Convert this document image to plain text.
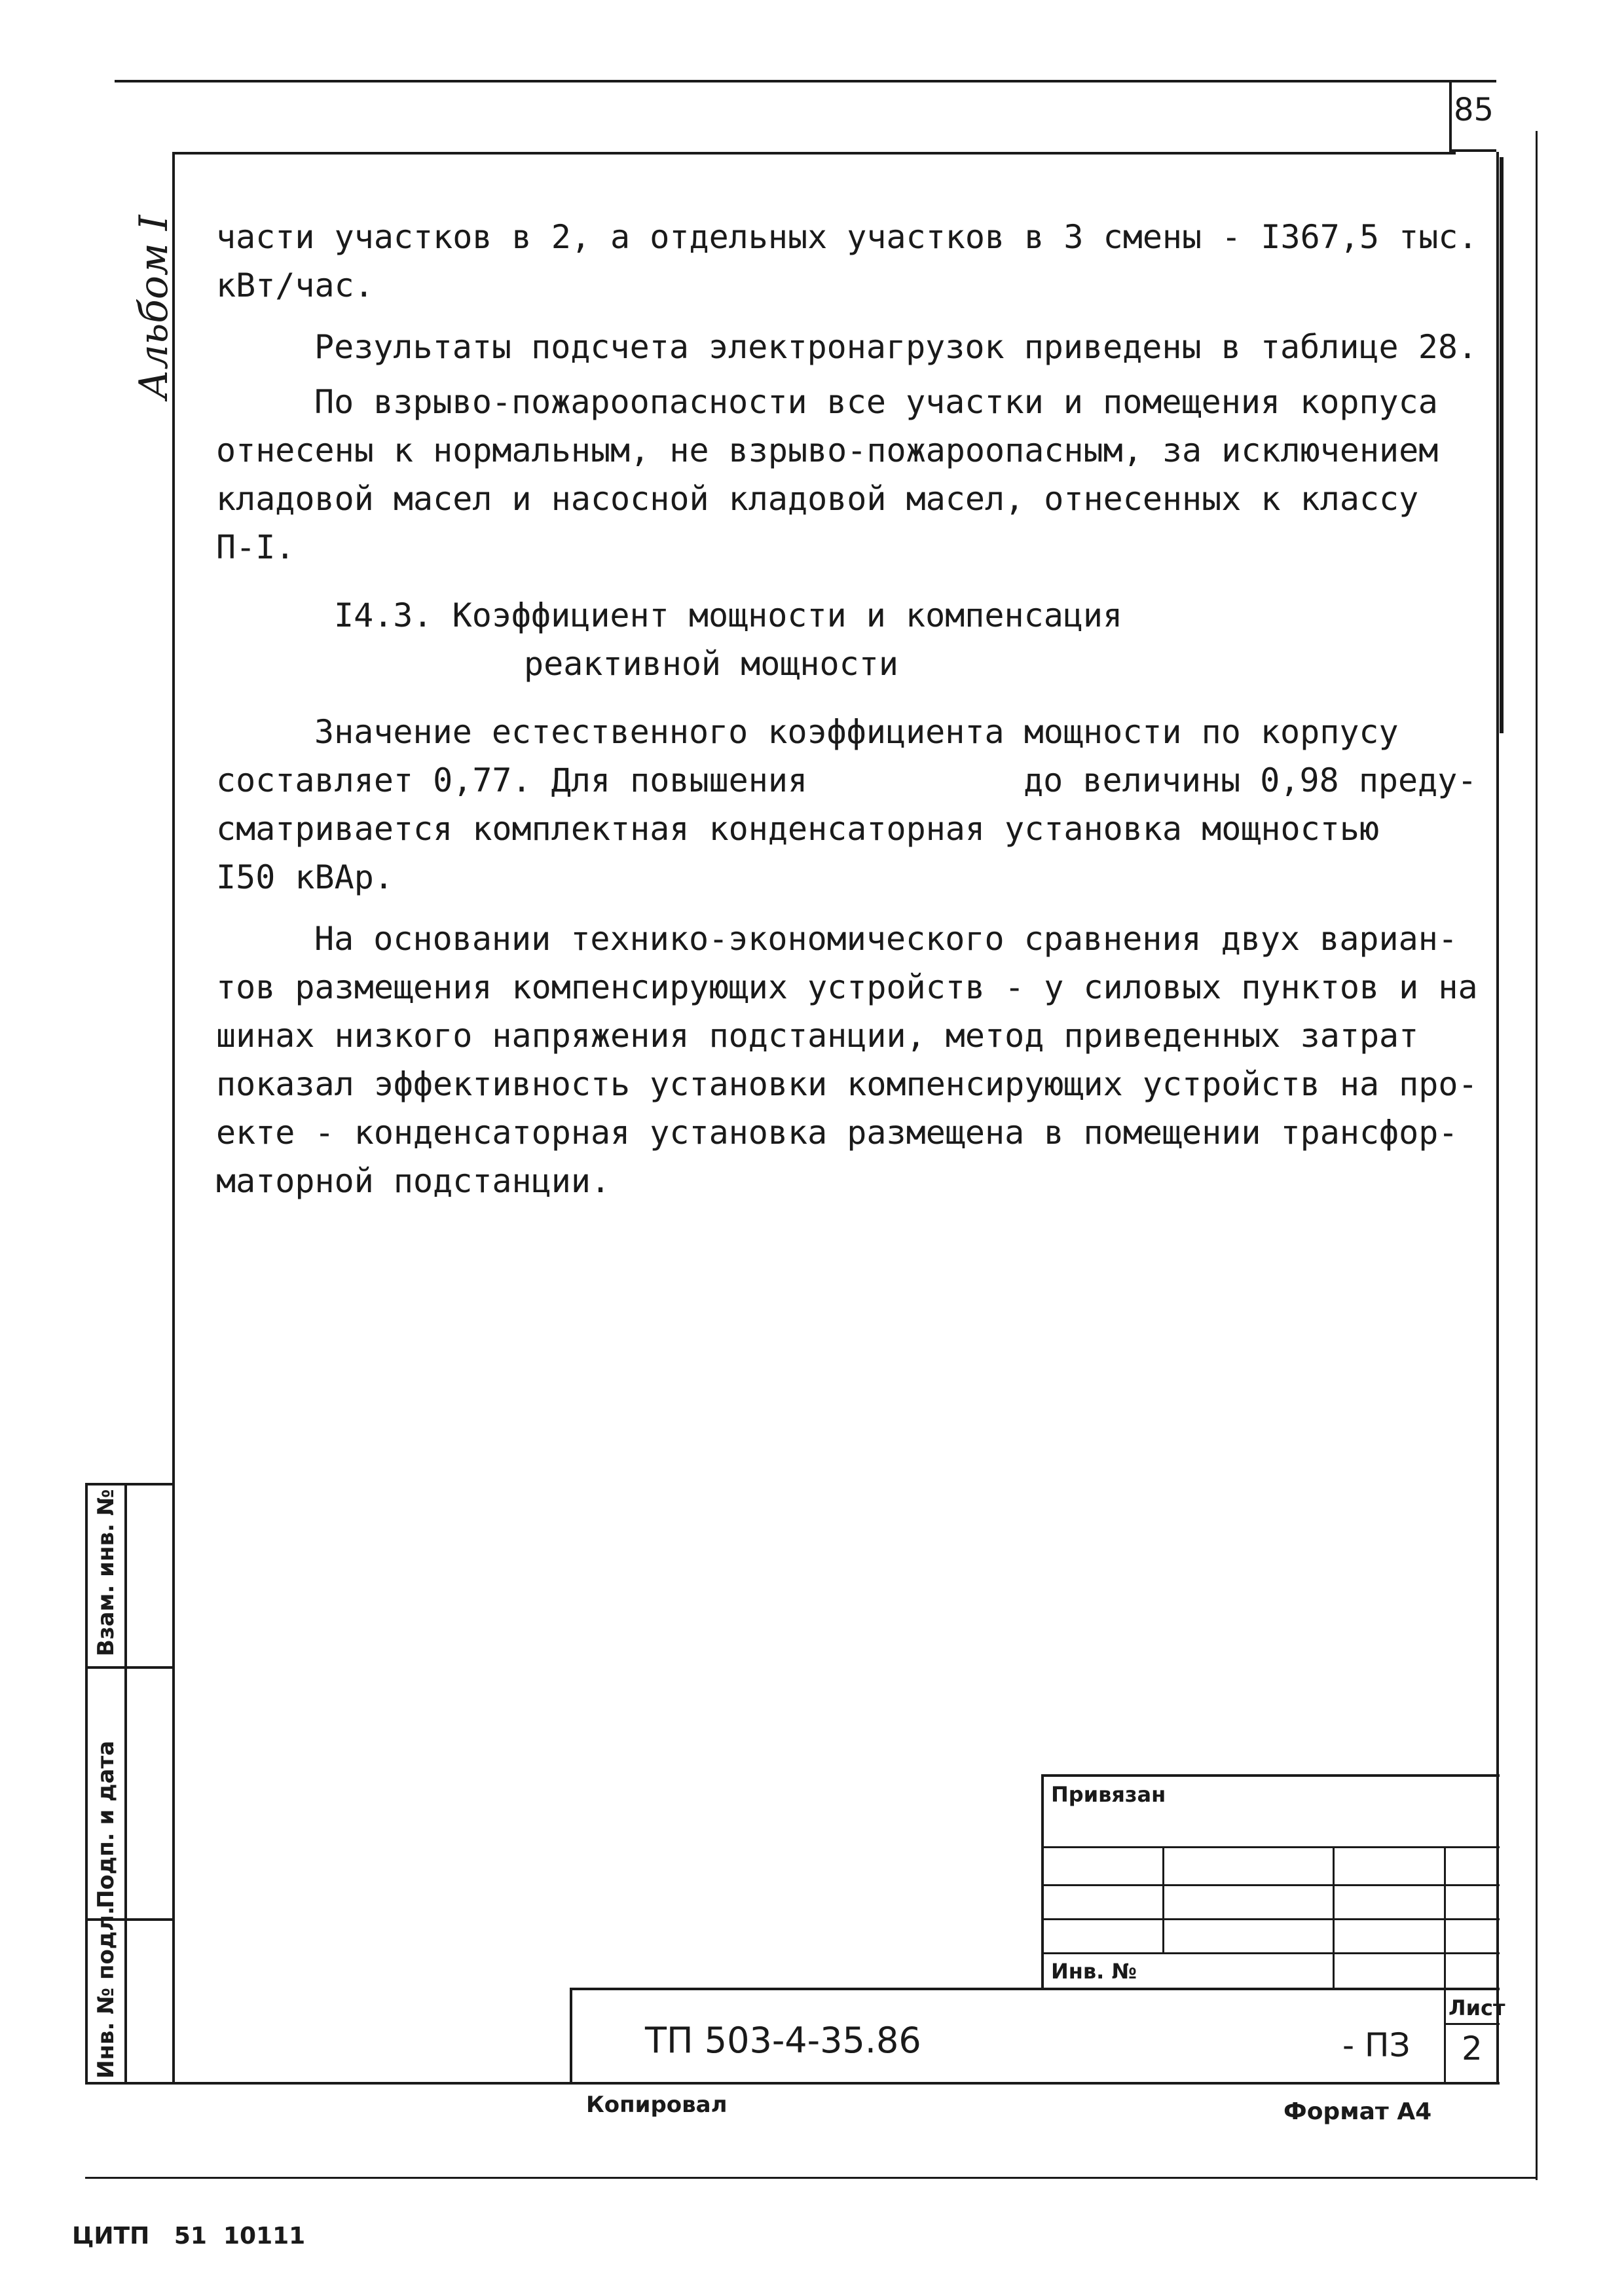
85
Альбом I части участков в 2, а отдельных участков в 3 смены - I367,5 тыс.
кВт/час.
Результаты подсчета электронагрузок приведены в таблице 28.
По взрыво-пожароопасности все участки и помещения корпуса
отнесены к нормальным, не взрыво-пожароопасным, за исключением
кладовой масел и насосной кладовой масел, отнесенных к классу
П-I.
I4.3. Коэффициент мощности и компенсация
реактивной мощности
Значение естественного коэффициента мощности по корпусу
составляет 0,77. Для повышения	до величины 0,98 преду-
сматривается комплектная конденсаторная установка мощностью
I50 кВАр.
На основании технико-экономического сравнения двух вариан-
тов размещения компенсирующих устройств - у силовых пунктов и на
шинах низкого напряжения подстанции, метод приведенных затрат
показал эффективность установки компенсирующих устройств на про-
екте - конденсаторная установка размещена в помещении трансфор-
маторной подстанции.
Взам. инв. №
Подп. и дата
Инв. № подл.
Привязан
Инв. №
ТП 503-4-35.86	- ПЗ
Лист
2
Копировал	Формат А4
ЦИТП   51  10111
